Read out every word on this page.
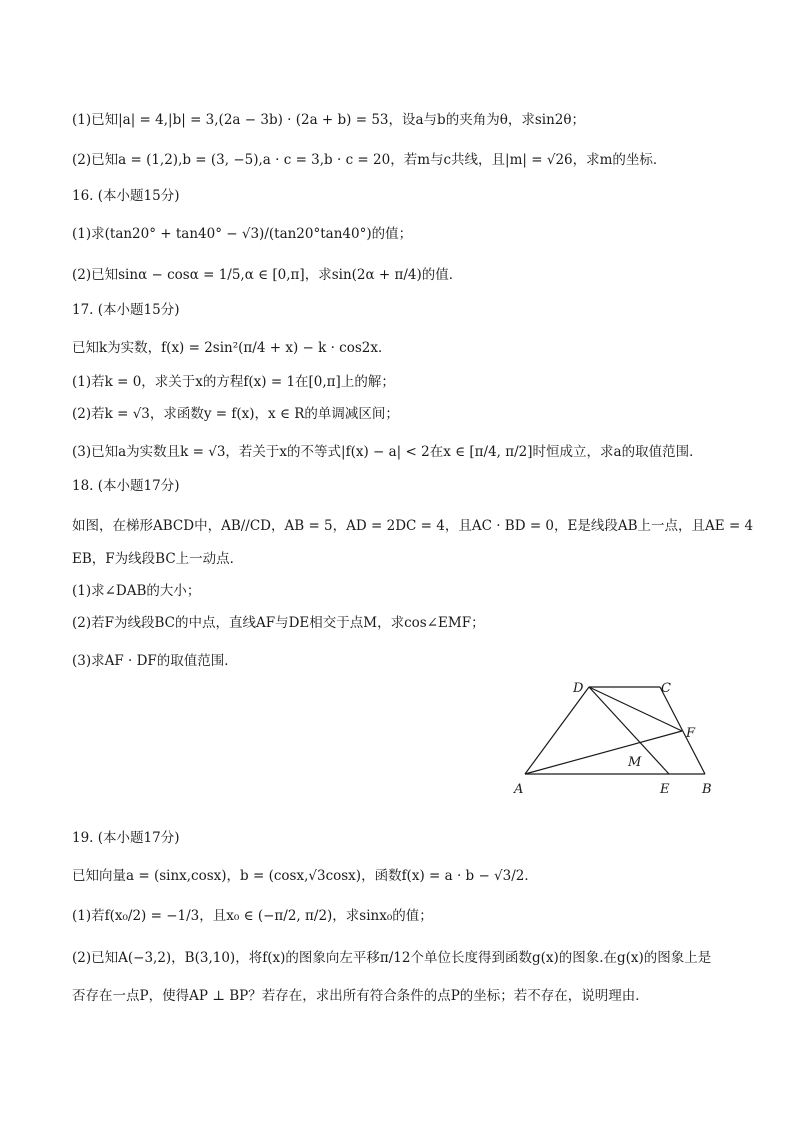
(1)已知|a| = 4,|b| = 3,(2a − 3b) · (2a + b) = 53，设a与b的夹角为θ，求sin2θ；
(2)已知a = (1,2),b = (3, −5),a · c = 3,b · c = 20，若m与c共线，且|m| = √26，求m的坐标．
16. (本小题15分)
(1)求(tan20° + tan40° − √3)/(tan20°tan40°)的值；
(2)已知sinα − cosα = 1/5,α ∈ [0,π]，求sin(2α + π/4)的值．
17. (本小题15分)
已知k为实数，f(x) = 2sin²(π/4 + x) − k · cos2x．
(1)若k = 0，求关于x的方程f(x) = 1在[0,π]上的解；
(2)若k = √3，求函数y = f(x)，x ∈ R的单调减区间；
(3)已知a为实数且k = √3，若关于x的不等式|f(x) − a| < 2在x ∈ [π/4, π/2]时恒成立，求a的取值范围．
18. (本小题17分)
如图，在梯形ABCD中，AB//CD，AB = 5，AD = 2DC = 4，且AC · BD = 0，E是线段AB上一点，且AE = 4
EB，F为线段BC上一动点．
(1)求∠DAB的大小；
(2)若F为线段BC的中点，直线AF与DE相交于点M，求cos∠EMF；
(3)求AF · DF的取值范围．
D	C
F
M
A	E	B
19. (本小题17分)
已知向量a = (sinx,cosx)，b = (cosx,√3cosx)，函数f(x) = a · b − √3/2．
(1)若f(x₀/2) = −1/3，且x₀ ∈ (−π/2, π/2)，求sinx₀的值；
(2)已知A(−3,2)，B(3,10)，将f(x)的图象向左平移π/12个单位长度得到函数g(x)的图象.在g(x)的图象上是
否存在一点P，使得AP ⊥ BP？若存在，求出所有符合条件的点P的坐标；若不存在，说明理由．
